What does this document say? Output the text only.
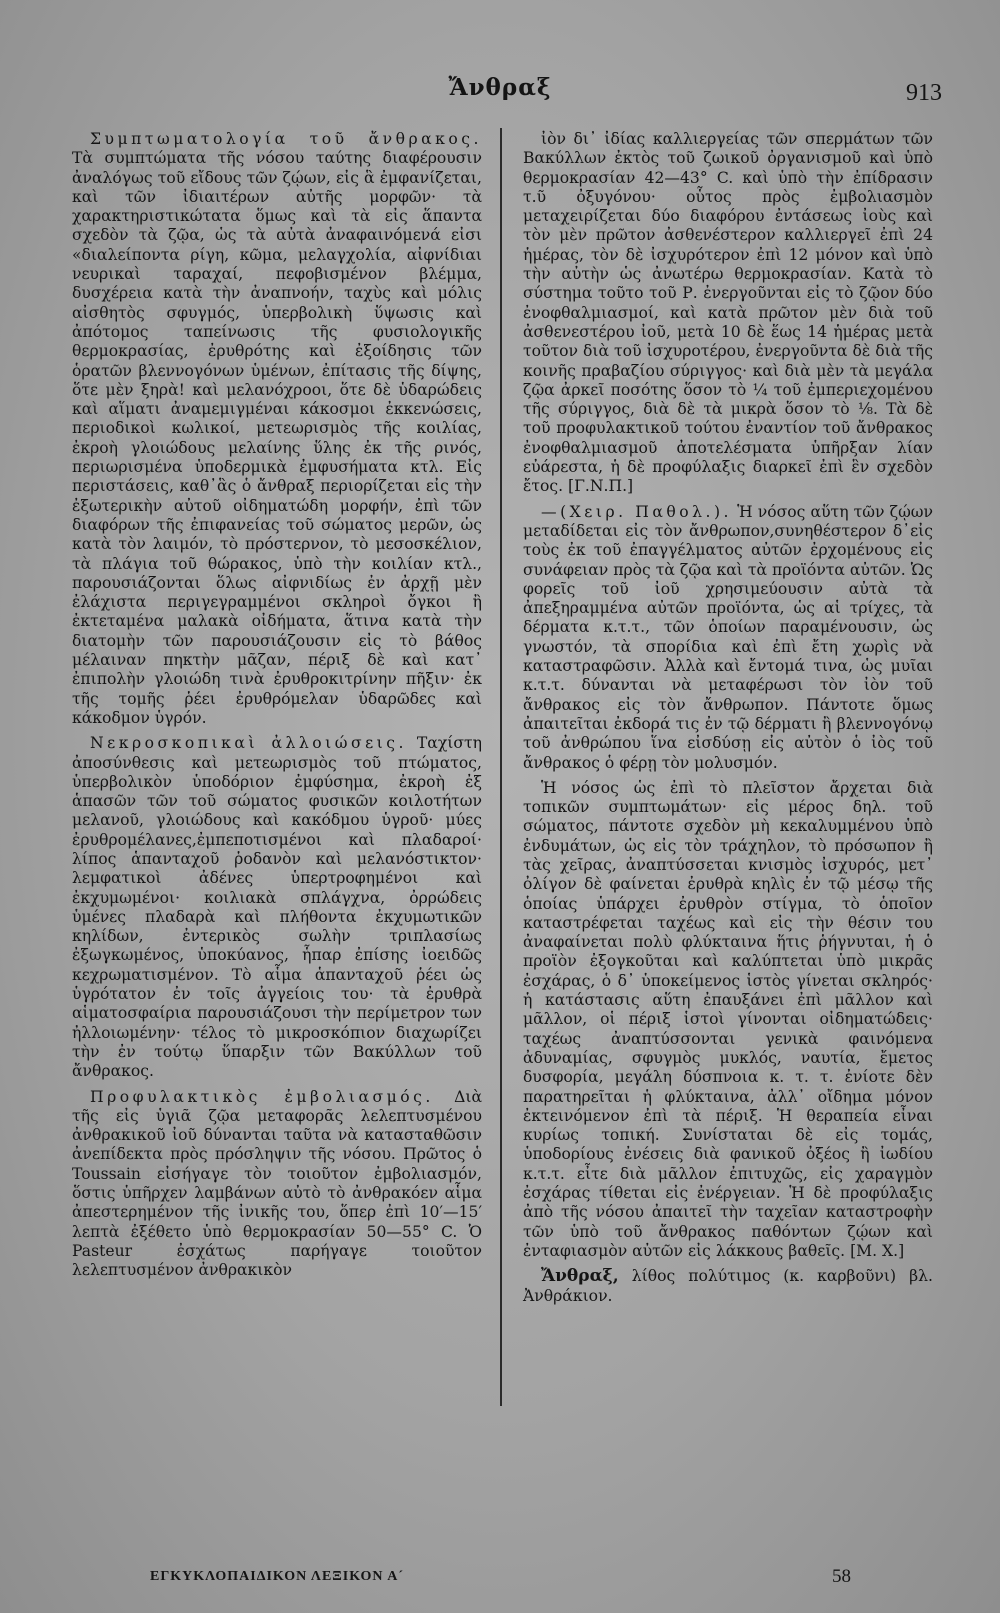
Ἄνθραξ	913

Συμπτωματολογία τοῦ ἄνθρακος. Τὰ συμπτώματα τῆς νόσου ταύτης διαφέρουσιν ἀναλόγως τοῦ εἴδους τῶν ζῴων, εἰς ἃ ἐμφανίζεται, καὶ τῶν ἰδιαιτέρων αὐτῆς μορφῶν· τὰ χαρακτηριστικώτατα ὅμως καὶ τὰ εἰς ἅπαντα σχεδὸν τὰ ζῷα, ὡς τὰ αὐτὰ ἀναφαινόμενά εἰσι «διαλείποντα ρίγη, κῶμα, μελαγχολία, αἰφνίδιαι νευρικαὶ ταραχαί, πεφοβισμένον βλέμμα, δυσχέρεια κατὰ τὴν ἀναπνοήν, ταχὺς καὶ μόλις αἰσθητὸς σφυγμός, ὑπερβολικὴ ὕψωσις καὶ ἀπότομος ταπείνωσις τῆς φυσιολογικῆς θερμοκρασίας, ἐρυθρότης καὶ ἐξοίδησις τῶν ὁρατῶν βλεννογόνων ὑμένων, ἐπίτασις τῆς δίψης, ὅτε μὲν ξηρὰ! καὶ μελανόχροοι, ὅτε δὲ ὑδαρώδεις καὶ αἵματι ἀναμεμιγμέναι κάκοσμοι ἐκκενώσεις, περιοδικοὶ κωλικοί, μετεωρισμὸς τῆς κοιλίας, ἐκροὴ γλοιώδους μελαίνης ὕλης ἐκ τῆς ρινός, περιωρισμένα ὑποδερμικὰ ἐμφυσήματα κτλ. Εἰς περιστάσεις, καθ᾽ἃς ὁ ἄνθραξ περιορίζεται εἰς τὴν ἐξωτερικὴν αὐτοῦ οἰδηματώδη μορφήν, ἐπὶ τῶν διαφόρων τῆς ἐπιφανείας τοῦ σώματος μερῶν, ὡς κατὰ τὸν λαιμόν, τὸ πρόστερνον, τὸ μεσοσκέλιον, τὰ πλάγια τοῦ θώρακος, ὑπὸ τὴν κοιλίαν κτλ., παρουσιάζονται ὅλως αἰφνιδίως ἐν ἀρχῇ μὲν ἐλάχιστα περιγεγραμμένοι σκληροὶ ὄγκοι ἢ ἐκτεταμένα μαλακὰ οἰδήματα, ἅτινα κατὰ τὴν διατομὴν τῶν παρουσιάζουσιν εἰς τὸ βάθος μέλαιναν πηκτὴν μᾶζαν, πέριξ δὲ καὶ κατ᾽ ἐπιπολὴν γλοιώδη τινὰ ἐρυθροκιτρίνην πῆξιν· ἐκ τῆς τομῆς ῥέει ἐρυθρόμελαν ὑδαρῶδες καὶ κάκοδμον ὑγρόν.

Νεκροσκοπικαὶ ἀλλοιώσεις. Ταχίστη ἀποσύνθεσις καὶ μετεωρισμὸς τοῦ πτώματος, ὑπερβολικὸν ὑποδόριον ἐμφύσημα, ἐκροὴ ἐξ ἁπασῶν τῶν τοῦ σώματος φυσικῶν κοιλοτήτων μελανοῦ, γλοιώδους καὶ κακόδμου ὑγροῦ· μύες ἐρυθρομέλανες,ἐμπεποτισμένοι καὶ πλαδαροί· λίπος ἁπανταχοῦ ῥοδανὸν καὶ μελανόστικτον· λεμφατικοὶ ἀδένες ὑπερτροφημένοι καὶ ἐκχυμωμένοι· κοιλιακὰ σπλάγχνα, ὀρρώδεις ὑμένες πλαδαρὰ καὶ πλήθοντα ἐκχυμωτικῶν κηλίδων, ἐντερικὸς σωλὴν τριπλασίως ἐξωγκωμένος, ὑποκύανος, ἧπαρ ἐπίσης ἰοειδῶς κεχρωματισμένον. Τὸ αἷμα ἁπανταχοῦ ῥέει ὡς ὑγρότατον ἐν τοῖς ἀγγείοις του· τὰ ἐρυθρὰ αἱματοσφαίρια παρουσιάζουσι τὴν περίμετρον των ἠλλοιωμένην· τέλος τὸ μικροσκόπιον διαχωρίζει τὴν ἐν τούτῳ ὕπαρξιν τῶν Βακύλλων τοῦ ἄνθρακος.

Προφυλακτικὸς ἐμβολιασμός. Διὰ τῆς εἰς ὑγιᾶ ζῷα μεταφορᾶς λελεπτυσμένου ἀνθρακικοῦ ἰοῦ δύνανται ταῦτα νὰ κατασταθῶσιν ἀνεπίδεκτα πρὸς πρόσληψιν τῆς νόσου. Πρῶτος ὁ Toussain εἰσήγαγε τὸν τοιοῦτον ἐμβολιασμόν, ὅστις ὑπῆρχεν λαμβάνων αὐτὸ τὸ ἀνθρακόεν αἷμα ἀπεστερημένον τῆς ἰνικῆς του, ὅπερ ἐπὶ 10′—15′ λεπτὰ ἐξέθετο ὑπὸ θερμοκρασίαν 50—55° C. Ὁ Pasteur ἐσχάτως παρήγαγε τοιοῦτον λελεπτυσμένον ἀνθρακικὸν

ἰὸν δι᾽ ἰδίας καλλιεργείας τῶν σπερμάτων τῶν Βακύλλων ἐκτὸς τοῦ ζωικοῦ ὀργανισμοῦ καὶ ὑπὸ θερμοκρασίαν 42—43° C. καὶ ὑπὸ τὴν ἐπίδρασιν τ.ῦ ὀξυγόνου· οὗτος πρὸς ἐμβολιασμὸν μεταχειρίζεται δύο διαφόρου ἐντάσεως ἰοὺς καὶ τὸν μὲν πρῶτον ἀσθενέστερον καλλιεργεῖ ἐπὶ 24 ἡμέρας, τὸν δὲ ἰσχυρότερον ἐπὶ 12 μόνον καὶ ὑπὸ τὴν αὐτὴν ὡς ἀνωτέρω θερμοκρασίαν. Κατὰ τὸ σύστημα τοῦτο τοῦ Ρ. ἐνεργοῦνται εἰς τὸ ζῷον δύο ἐνοφθαλμιασμοί, καὶ κατὰ πρῶτον μὲν διὰ τοῦ ἀσθενεστέρου ἰοῦ, μετὰ 10 δὲ ἕως 14 ἡμέρας μετὰ τοῦτον διὰ τοῦ ἰσχυροτέρου, ἐνεργοῦντα δὲ διὰ τῆς κοινῆς πραβαζίου σύριγγος· καὶ διὰ μὲν τὰ μεγάλα ζῷα ἀρκεῖ ποσότης ὅσον τὸ ¼ τοῦ ἐμπεριεχομένου τῆς σύριγγος, διὰ δὲ τὰ μικρὰ ὅσον τὸ ⅛. Τὰ δὲ τοῦ προφυλακτικοῦ τούτου ἐναντίον τοῦ ἄνθρακος ἐνοφθαλμιασμοῦ ἀποτελέσματα ὑπῆρξαν λίαν εὐάρεστα, ἡ δὲ προφύλαξις διαρκεῖ ἐπὶ ἓν σχεδὸν ἔτος. [Γ.Ν.Π.]

—(Χειρ. Παθολ.). Ἡ νόσος αὕτη τῶν ζῴων μεταδίδεται εἰς τὸν ἄνθρωπον,συνηθέστερον δ᾽εἰς τοὺς ἐκ τοῦ ἐπαγγέλματος αὐτῶν ἐρχομένους εἰς συνάφειαν πρὸς τὰ ζῷα καὶ τὰ προϊόντα αὐτῶν. Ὡς φορεῖς τοῦ ἰοῦ χρησιμεύουσιν αὐτὰ τὰ ἀπεξηραμμένα αὐτῶν προϊόντα, ὡς αἱ τρίχες, τὰ δέρματα κ.τ.τ., τῶν ὁποίων παραμένουσιν, ὡς γνωστόν, τὰ σπορίδια καὶ ἐπὶ ἔτη χωρὶς νὰ καταστραφῶσιν. Ἀλλὰ καὶ ἔντομά τινα, ὡς μυῖαι κ.τ.τ. δύνανται νὰ μεταφέρωσι τὸν ἰὸν τοῦ ἄνθρακος εἰς τὸν ἄνθρωπον. Πάντοτε ὅμως ἀπαιτεῖται ἐκδορά τις ἐν τῷ δέρματι ἢ βλεννογόνῳ τοῦ ἀνθρώπου ἵνα εἰσδύσῃ εἰς αὐτὸν ὁ ἰὸς τοῦ ἄνθρακος ὁ φέρῃ τὸν μολυσμόν.

Ἡ νόσος ὡς ἐπὶ τὸ πλεῖστον ἄρχεται διὰ τοπικῶν συμπτωμάτων· εἰς μέρος δηλ. τοῦ σώματος, πάντοτε σχεδὸν μὴ κεκαλυμμένου ὑπὸ ἐνδυμάτων, ὡς εἰς τὸν τράχηλον, τὸ πρόσωπον ἢ τὰς χεῖρας, ἀναπτύσσεται κνισμὸς ἰσχυρός, μετ᾽ ὀλίγον δὲ φαίνεται ἐρυθρὰ κηλὶς ἐν τῷ μέσῳ τῆς ὁποίας ὑπάρχει ἐρυθρὸν στίγμα, τὸ ὁποῖον καταστρέφεται ταχέως καὶ εἰς τὴν θέσιν του ἀναφαίνεται πολὺ φλύκταινα ἥτις ῥήγνυται, ἡ ὁ προϊὸν ἐξογκοῦται καὶ καλύπτεται ὑπὸ μικρᾶς ἐσχάρας, ὁ δ᾽ ὑποκείμενος ἱστὸς γίνεται σκληρός· ἡ κατάστασις αὕτη ἐπαυξάνει ἐπὶ μᾶλλον καὶ μᾶλλον, οἱ πέριξ ἱστοὶ γίνονται οἰδηματώδεις· ταχέως ἀναπτύσσονται γενικὰ φαινόμενα ἀδυναμίας, σφυγμὸς μυκλός, ναυτία, ἔμετος δυσφορία, μεγάλη δύσπνοια κ. τ. τ. ἐνίοτε δὲν παρατηρεῖται ἡ φλύκταινα, ἀλλ᾽ οἴδημα μόνον ἐκτεινόμενον ἐπὶ τὰ πέριξ. Ἡ θεραπεία εἶναι κυρίως τοπική. Συνίσταται δὲ εἰς τομάς, ὑποδορίους ἐνέσεις διὰ φανικοῦ ὀξέος ἢ ἰωδίου κ.τ.τ. εἶτε διὰ μᾶλλον ἐπιτυχῶς, εἰς χαραγμὸν ἐσχάρας τίθεται εἰς ἐνέργειαν. Ἡ δὲ προφύλαξις ἀπὸ τῆς νόσου ἀπαιτεῖ τὴν ταχεῖαν καταστροφὴν τῶν ὑπὸ τοῦ ἄνθρακος παθόντων ζῴων καὶ ἐνταφιασμὸν αὐτῶν εἰς λάκκους βαθεῖς. [Μ. Χ.]

Ἄνθραξ, λίθος πολύτιμος (κ. καρβοῦνι) βλ. Ἀνθράκιον.

ΕΓΚΥΚΛΟΠΑΙΔΙΚΟΝ ΛΕΞΙΚΟΝ Α´	58
